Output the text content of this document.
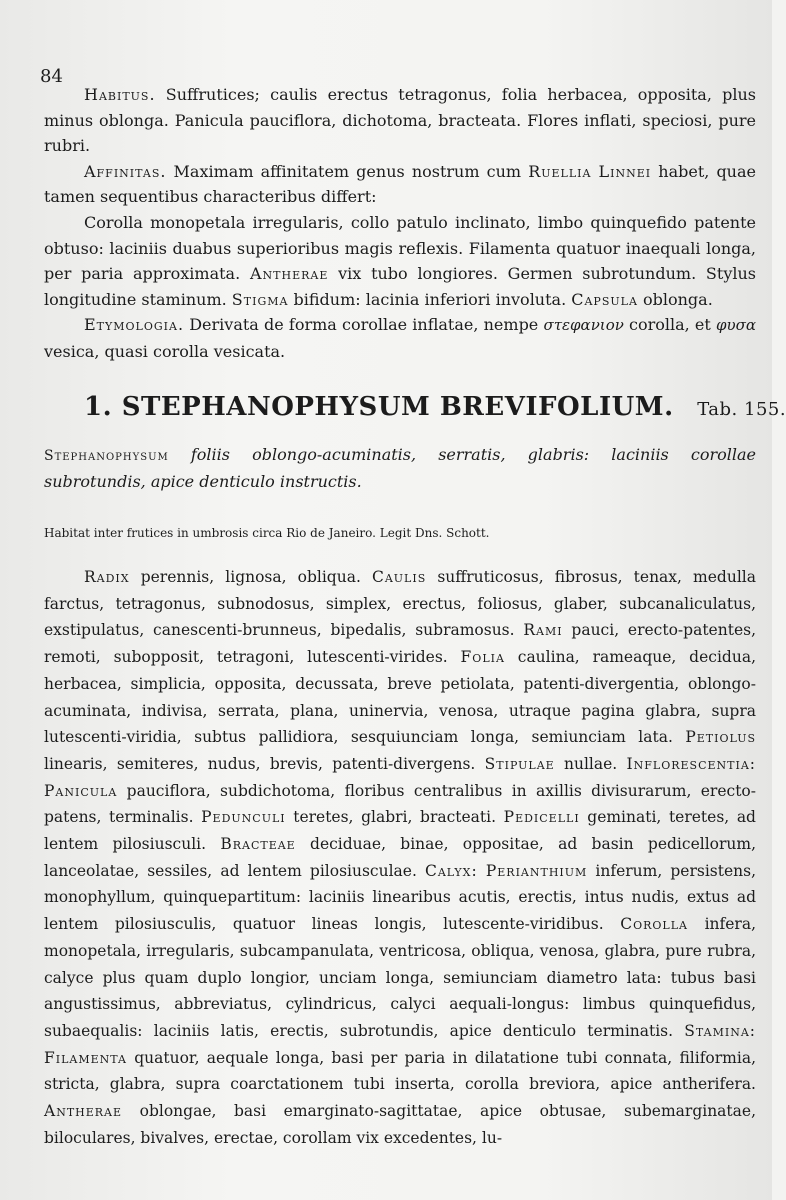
84

Habitus. Suffrutices; caulis erectus tetragonus, folia herbacea, opposita, plus minus oblonga. Panicula pauciflora, dichotoma, bracteata. Flores inflati, speciosi, pure rubri.

Affinitas. Maximam affinitatem genus nostrum cum Ruellia Linnei habet, quae tamen sequentibus characteribus differt:

Corolla monopetala irregularis, collo patulo inclinato, limbo quinquefido patente obtuso: laciniis duabus superioribus magis reflexis. Filamenta quatuor inaequali longa, per paria approximata. Antherae vix tubo longiores. Germen subrotundum. Stylus longitudine staminum. Stigma bifidum: lacinia inferiori involuta. Capsula oblonga.

Etymologia. Derivata de forma corollae inflatae, nempe στεφανιον corolla, et φυσα vesica, quasi corolla vesicata.

1. STEPHANOPHYSUM BREVIFOLIUM. Tab. 155.

Stephanophysum foliis oblongo-acuminatis, serratis, glabris: laciniis corollae subrotundis, apice denticulo instructis.

Habitat inter frutices in umbrosis circa Rio de Janeiro. Legit Dns. Schott.

Radix perennis, lignosa, obliqua. Caulis suffruticosus, fibrosus, tenax, medulla farctus, tetragonus, subnodosus, simplex, erectus, foliosus, glaber, subcanaliculatus, exstipulatus, canescenti-brunneus, bipedalis, subramosus. Rami pauci, erecto-patentes, remoti, subopposit, tetragoni, lutescenti-virides. Folia caulina, rameaque, decidua, herbacea, simplicia, opposita, decussata, breve petiolata, patenti-divergentia, oblongo-acuminata, indivisa, serrata, plana, uninervia, venosa, utraque pagina glabra, supra lutescenti-viridia, subtus pallidiora, sesquiunciam longa, semiunciam lata. Petiolus linearis, semiteres, nudus, brevis, patenti-divergens. Stipulae nullae. Inflorescentia: Panicula pauciflora, subdichotoma, floribus centralibus in axillis divisurarum, erecto-patens, terminalis. Pedunculi teretes, glabri, bracteati. Pedicelli geminati, teretes, ad lentem pilosiusculi. Bracteae deciduae, binae, oppositae, ad basin pedicellorum, lanceolatae, sessiles, ad lentem pilosiusculae. Calyx: Perianthium inferum, persistens, monophyllum, quinquepartitum: laciniis linearibus acutis, erectis, intus nudis, extus ad lentem pilosiusculis, quatuor lineas longis, lutescente-viridibus. Corolla infera, monopetala, irregularis, subcampanulata, ventricosa, obliqua, venosa, glabra, pure rubra, calyce plus quam duplo longior, unciam longa, semiunciam diametro lata: tubus basi angustissimus, abbreviatus, cylindricus, calyci aequali-longus: limbus quinquefidus, subaequalis: laciniis latis, erectis, subrotundis, apice denticulo terminatis. Stamina: Filamenta quatuor, aequale longa, basi per paria in dilatatione tubi connata, filiformia, stricta, glabra, supra coarctationem tubi inserta, corolla breviora, apice antherifera. Antherae oblongae, basi emarginato-sagittatae, apice obtusae, subemarginatae, biloculares, bivalves, erectae, corollam vix excedentes, lu-
